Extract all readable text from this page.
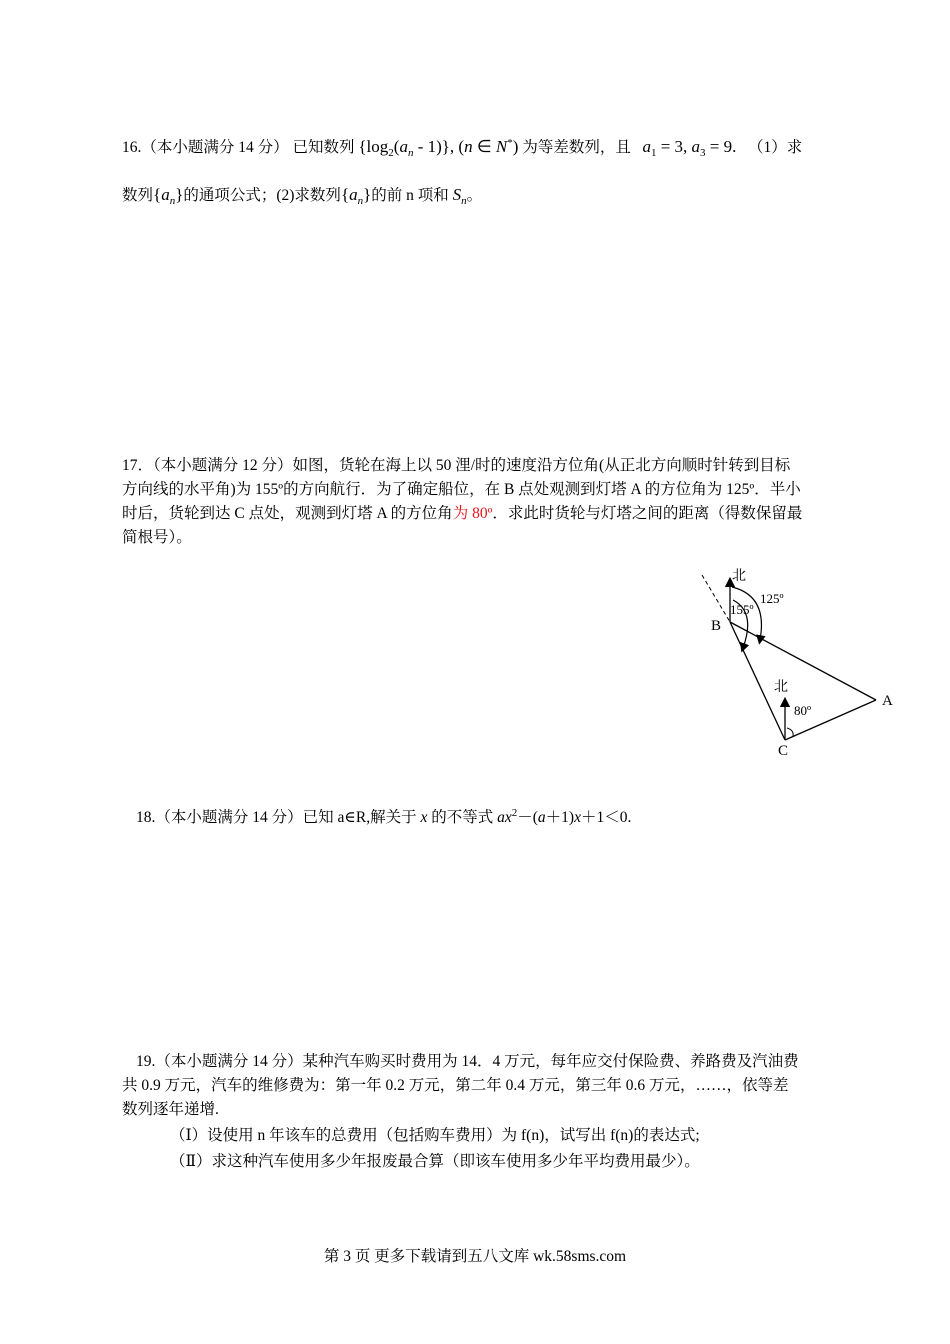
16.（本小题满分 14 分） 已知数列 $\{\log_2(a_n - 1)\}$, (n ∈ N*) 为等差数列，且 $a_1 = 3$, $a_3 = 9$. （1）求
数列$\{a_n\}$的通项公式；(2)求数列$\{a_n\}$的前 n 项和 $S_n$。
17．（本小题满分 12 分）如图，货轮在海上以 50 浬/时的速度沿方位角(从正北方向顺时针转到目标
方向线的水平角)为 155º的方向航行．为了确定船位，在 B 点处观测到灯塔 A 的方位角为 125º．半小
时后，货轮到达 C 点处，观测到灯塔 A 的方位角为 80º．求此时货轮与灯塔之间的距离（得数保留最
简根号）。
北
125º
155º
B
北
80º
A
C
18.（本小题满分 14 分）已知 a∈R,解关于 x 的不等式 $ax^2-(a+1)x+1<0$.
19.（本小题满分 14 分）某种汽车购买时费用为 14．4 万元，每年应交付保险费、养路费及汽油费
共 0.9 万元，汽车的维修费为：第一年 0.2 万元，第二年 0.4 万元，第三年 0.6 万元，……，依等差
数列逐年递增.
（Ⅰ）设使用 n 年该车的总费用（包括购车费用）为 f(n)，试写出 f(n)的表达式;
（Ⅱ）求这种汽车使用多少年报废最合算（即该车使用多少年平均费用最少）。
第 3 页 更多下载请到五八文库 wk.58sms.com
